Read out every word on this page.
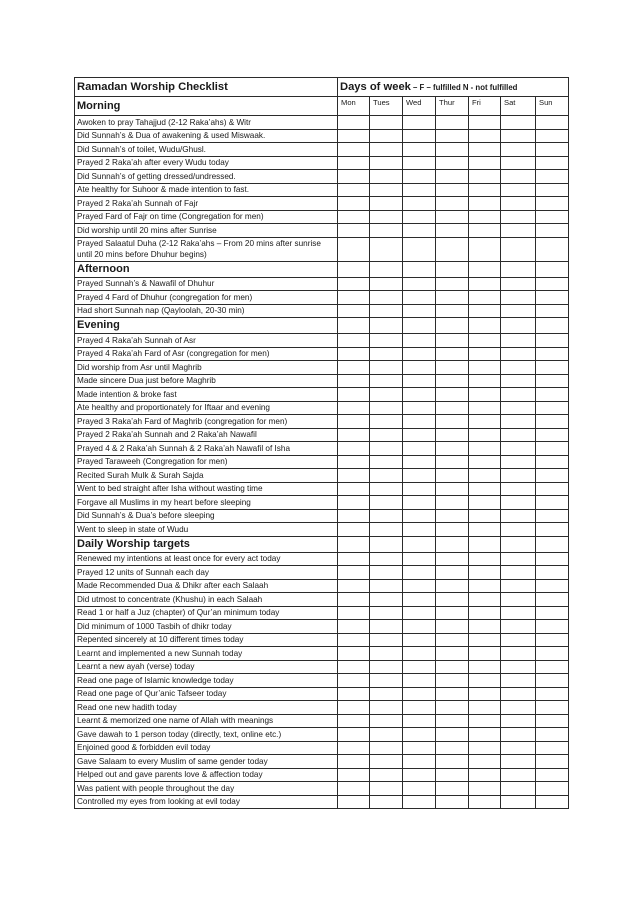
Ramadan Worship Checklist	Days of week – F – fulfilled N - not fulfilled						
Morning	Mon	Tues	Wed	Thur	Fri	Sat	Sun
Awoken to pray Tahajjud (2-12 Raka’ahs) & Witr							
Did Sunnah’s & Dua of awakening & used Miswaak.							
Did Sunnah’s of toilet, Wudu/Ghusl.							
Prayed 2 Raka’ah after every Wudu today							
Did Sunnah’s of getting dressed/undressed.							
Ate healthy for Suhoor & made intention to fast.							
Prayed 2 Raka’ah Sunnah of Fajr							
Prayed Fard of Fajr on time (Congregation for men)							
Did worship until 20 mins after Sunrise							
Prayed Salaatul Duha (2-12 Raka’ahs – From 20 mins after sunrise until 20 mins before Dhuhur begins)							
Afternoon							
Prayed Sunnah’s & Nawafil of Dhuhur							
Prayed 4 Fard of Dhuhur (congregation for men)							
Had short Sunnah nap (Qayloolah, 20-30 min)							
Evening							
Prayed 4 Raka’ah Sunnah of Asr							
Prayed 4 Raka’ah Fard of Asr (congregation for men)							
Did worship from Asr until Maghrib							
Made sincere Dua just before Maghrib							
Made intention & broke fast							
Ate healthy and proportionately for Iftaar and evening							
Prayed 3 Raka’ah Fard of Maghrib (congregation for men)							
Prayed 2 Raka’ah Sunnah and 2 Raka’ah Nawafil							
Prayed 4 & 2 Raka’ah Sunnah & 2 Raka’ah Nawafil of Isha							
Prayed Taraweeh (Congregation for men)							
Recited Surah Mulk & Surah Sajda							
Went to bed straight after Isha without wasting time							
Forgave all Muslims in my heart before sleeping							
Did Sunnah’s & Dua’s before sleeping							
Went to sleep in state of Wudu							
Daily Worship targets							
Renewed my intentions at least once for every act today							
Prayed 12 units of Sunnah each day							
Made Recommended Dua & Dhikr after each Salaah							
Did utmost to concentrate (Khushu) in each Salaah							
Read 1 or half a Juz (chapter) of Qur’an minimum today							
Did minimum of 1000 Tasbih of dhikr today							
Repented sincerely at 10 different times today							
Learnt and implemented a new Sunnah today							
Learnt a new ayah (verse) today							
Read one page of Islamic knowledge today							
Read one page of Qur’anic Tafseer today							
Read one new hadith today							
Learnt & memorized one name of Allah with meanings							
Gave dawah to 1 person today (directly, text, online etc.)							
Enjoined good & forbidden evil today							
Gave Salaam to every Muslim of same gender today							
Helped out and gave parents love & affection today							
Was patient with people throughout the day							
Controlled my eyes from looking at evil today							
